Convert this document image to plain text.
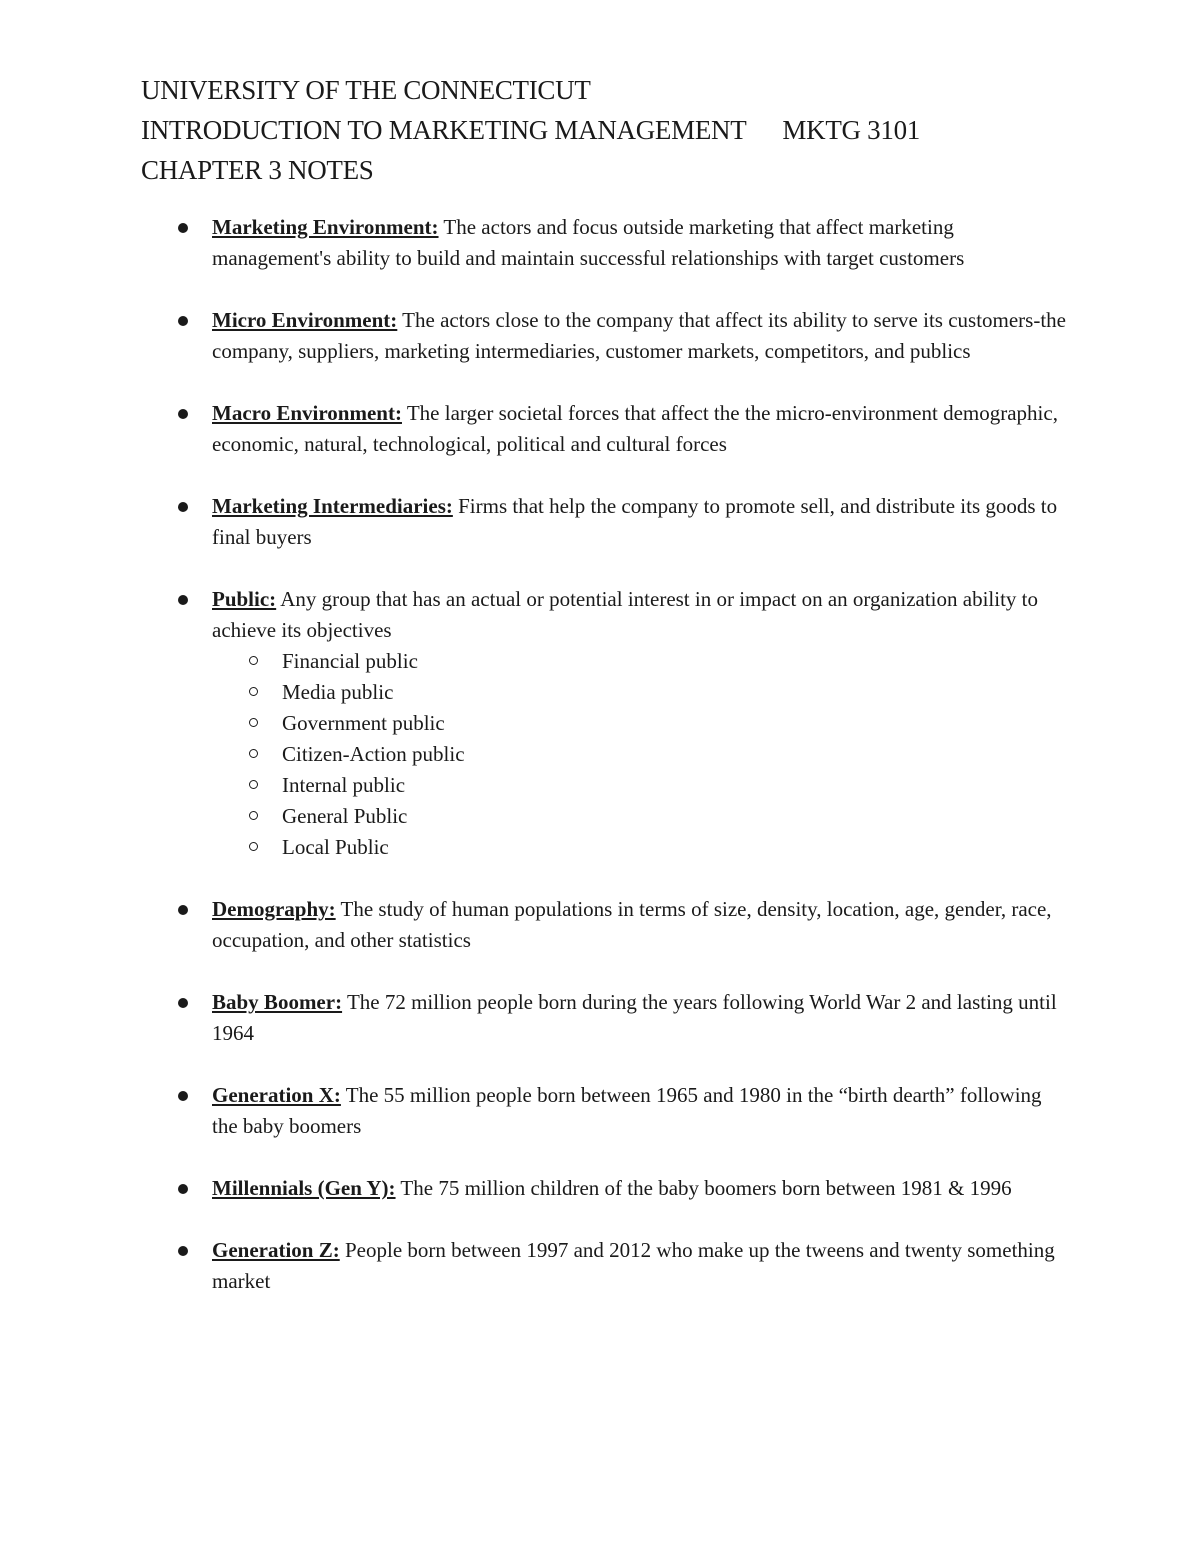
UNIVERSITY OF THE CONNECTICUT
INTRODUCTION TO MARKETING MANAGEMENT MKTG 3101
CHAPTER 3 NOTES
Marketing Environment: The actors and focus outside marketing that affect marketing management's ability to build and maintain successful relationships with target customers
Micro Environment: The actors close to the company that affect its ability to serve its customers-the company, suppliers, marketing intermediaries, customer markets, competitors, and publics
Macro Environment: The larger societal forces that affect the the micro-environment demographic, economic, natural, technological, political and cultural forces
Marketing Intermediaries: Firms that help the company to promote sell, and distribute its goods to final buyers
Public: Any group that has an actual or potential interest in or impact on an organization ability to achieve its objectives
Financial public
Media public
Government public
Citizen-Action public
Internal public
General Public
Local Public
Demography: The study of human populations in terms of size, density, location, age, gender, race, occupation, and other statistics
Baby Boomer: The 72 million people born during the years following World War 2 and lasting until 1964
Generation X: The 55 million people born between 1965 and 1980 in the “birth dearth” following the baby boomers
Millennials (Gen Y): The 75 million children of the baby boomers born between 1981 & 1996
Generation Z: People born between 1997 and 2012 who make up the tweens and twenty something market
